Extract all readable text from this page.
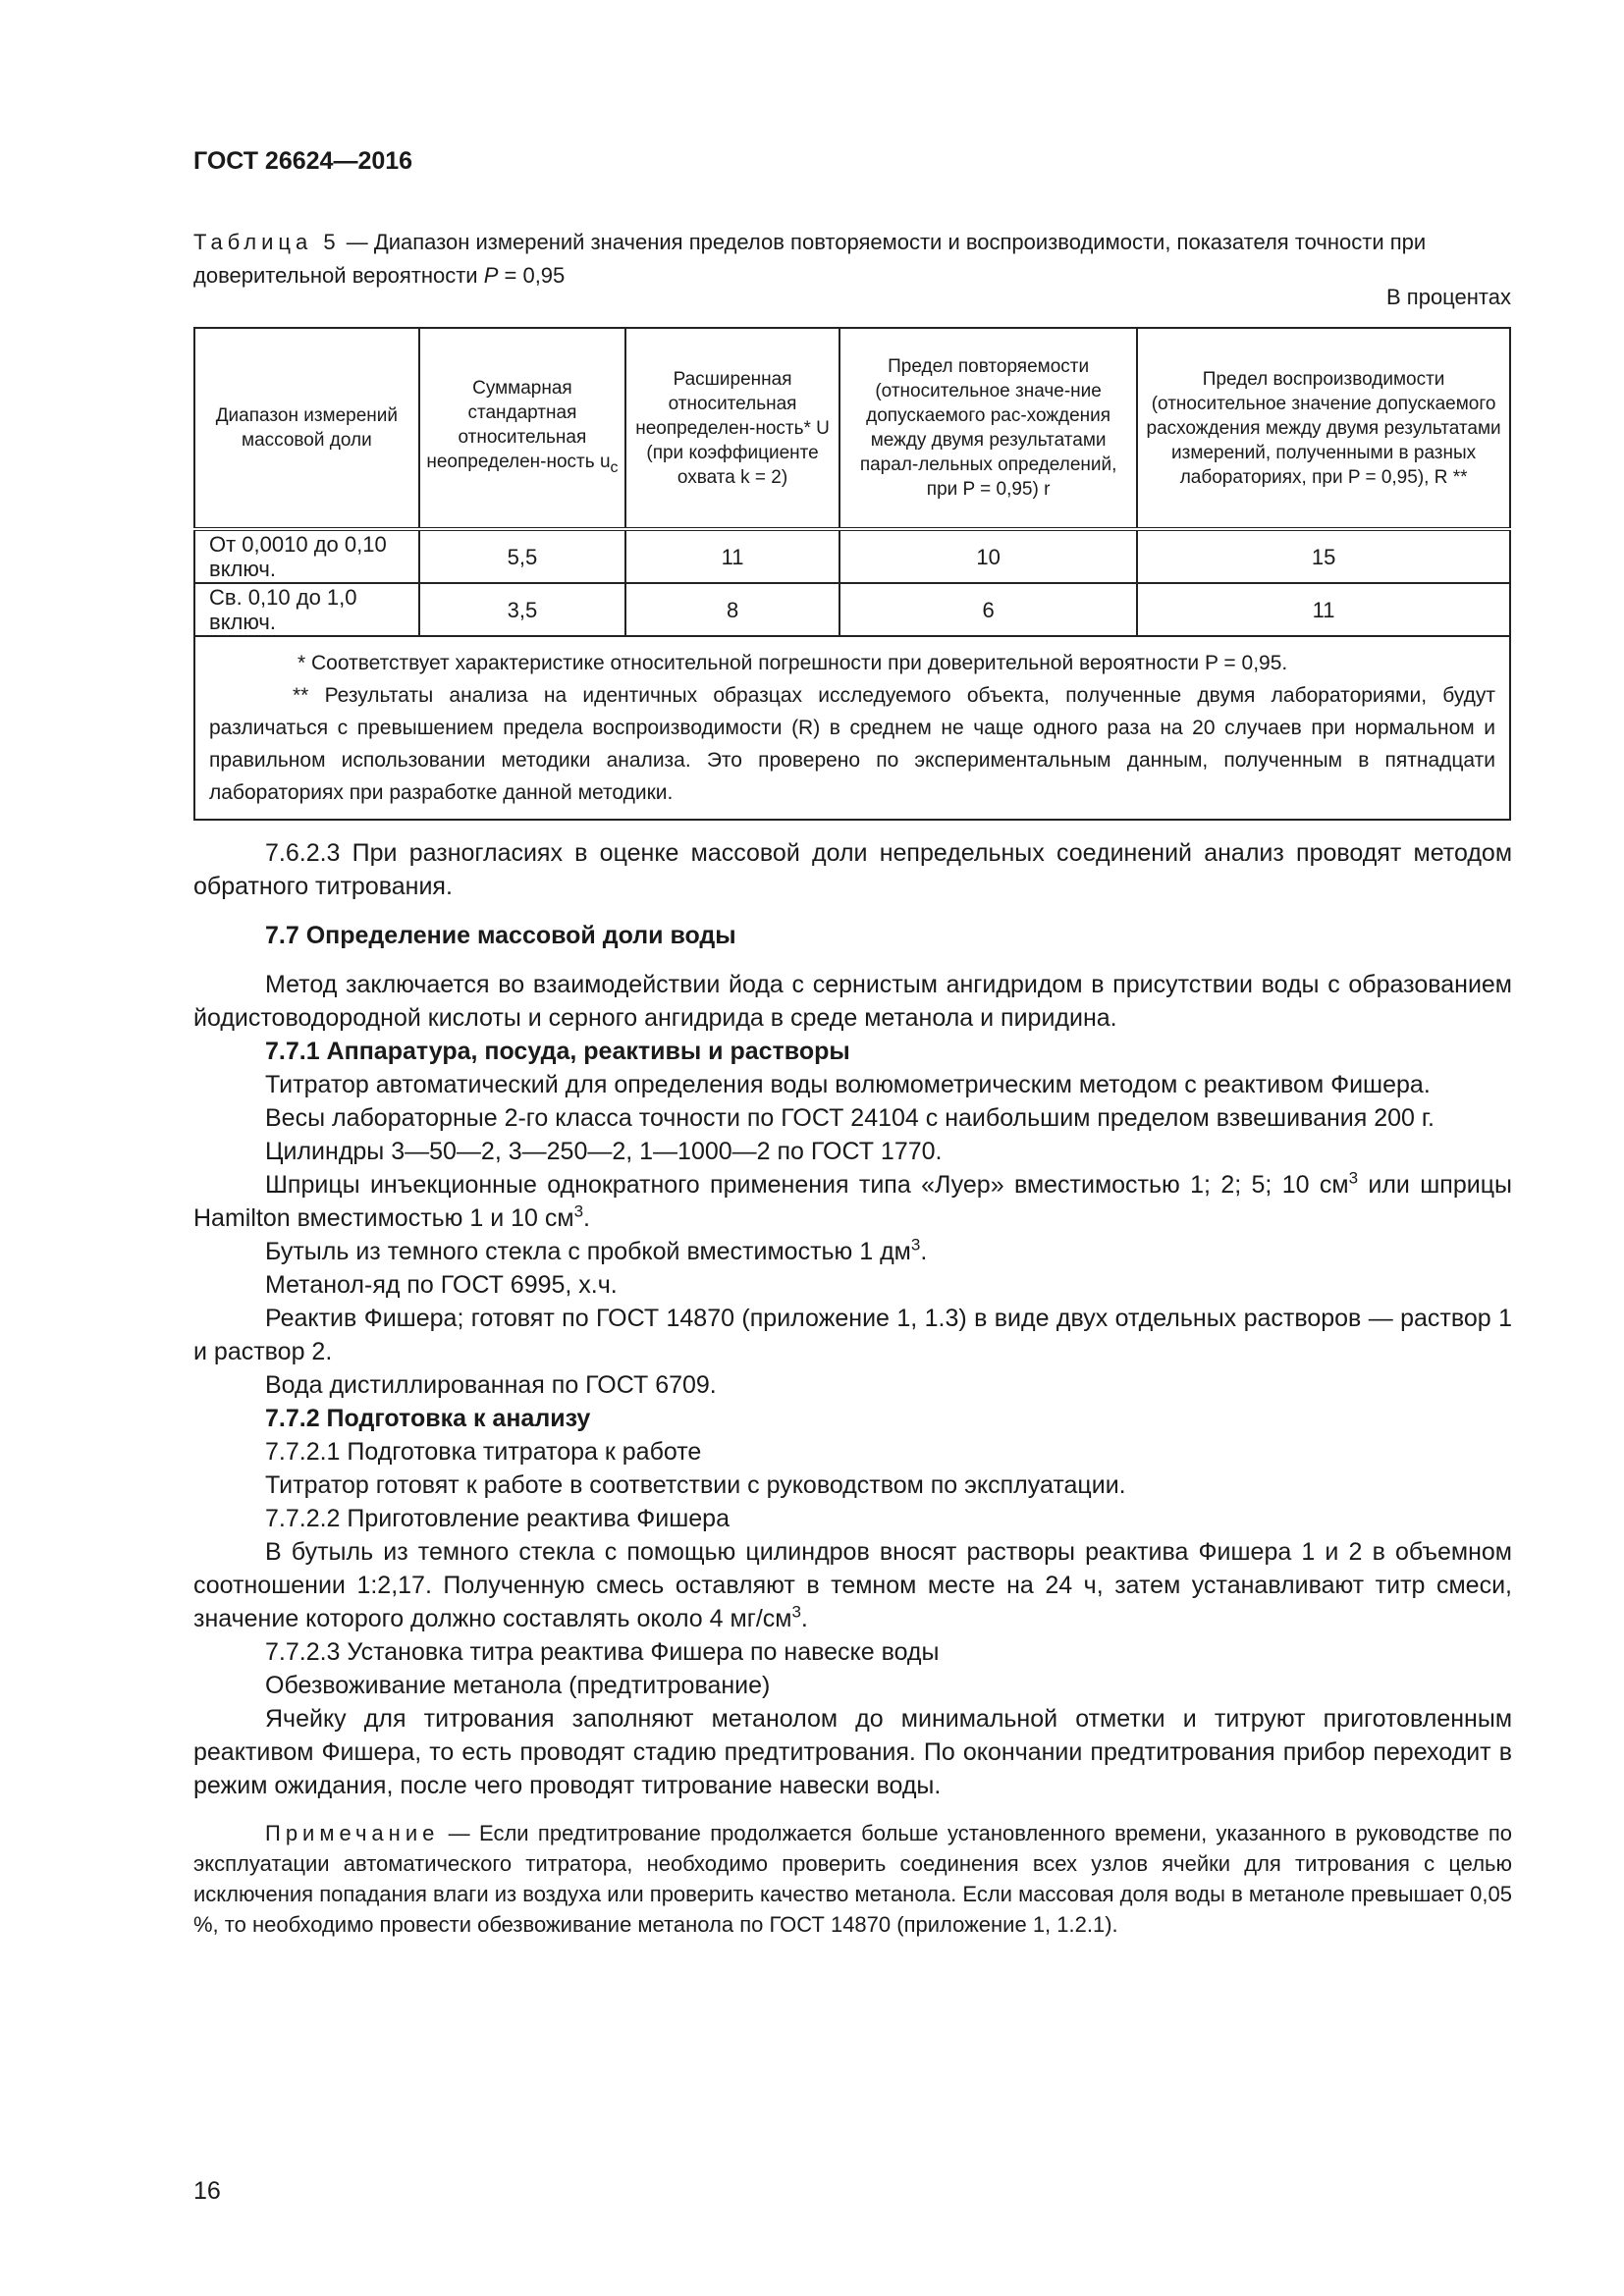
ГОСТ 26624—2016
Таблица 5 — Диапазон измерений значения пределов повторяемости и воспроизводимости, показателя точности при доверительной вероятности P = 0,95
В процентах
Диапазон измерений массовой доли	Суммарная стандартная относительная неопределен-ность $u_c$	Расширенная относительная неопределен-ность* U (при коэффициенте охвата k = 2)	Предел повторяемости (относительное значе-ние допускаемого рас-хождения между двумя результатами парал-лельных определений, при P = 0,95) r	Предел воспроизводимости (относительное значение допускаемого расхождения между двумя результатами измерений, полученными в разных лабораториях, при P = 0,95), R **
От 0,0010 до 0,10 включ.	5,5	11	10	15
Св. 0,10 до 1,0 включ.	3,5	8	6	11

* Соответствует характеристике относительной погрешности при доверительной вероятности P = 0,95.

** Результаты анализа на идентичных образцах исследуемого объекта, полученные двумя лабораториями, будут различаться с превышением предела воспроизводимости (R) в среднем не чаще одного раза на 20 случаев при нормальном и правильном использовании методики анализа. Это проверено по экспериментальным данным, полученным в пятнадцати лабораториях при разработке данной методики.				

7.6.2.3 При разногласиях в оценке массовой доли непредельных соединений анализ проводят методом обратного титрования.

7.7 Определение массовой доли воды

Метод заключается во взаимодействии йода с сернистым ангидридом в присутствии воды с образованием йодистоводородной кислоты и серного ангидрида в среде метанола и пиридина.

7.7.1 Аппаратура, посуда, реактивы и растворы

Титратор автоматический для определения воды волюмометрическим методом с реактивом Фишера.

Весы лабораторные 2-го класса точности по ГОСТ 24104 с наибольшим пределом взвешивания 200 г.

Цилиндры 3—50—2, 3—250—2, 1—1000—2 по ГОСТ 1770.

Шприцы инъекционные однократного применения типа «Луер» вместимостью 1; 2; 5; 10 $см^3$ или шприцы Hamilton вместимостью 1 и 10 $см^3$.

Бутыль из темного стекла с пробкой вместимостью 1 $дм^3$.

Метанол-яд по ГОСТ 6995, х.ч.

Реактив Фишера; готовят по ГОСТ 14870 (приложение 1, 1.3) в виде двух отдельных растворов — раствор 1 и раствор 2.

Вода дистиллированная по ГОСТ 6709.

7.7.2 Подготовка к анализу

7.7.2.1 Подготовка титратора к работе

Титратор готовят к работе в соответствии с руководством по эксплуатации.

7.7.2.2 Приготовление реактива Фишера

В бутыль из темного стекла с помощью цилиндров вносят растворы реактива Фишера 1 и 2 в объемном соотношении 1:2,17. Полученную смесь оставляют в темном месте на 24 ч, затем устанавливают титр смеси, значение которого должно составлять около 4 $мг/см^3$.

7.7.2.3 Установка титра реактива Фишера по навеске воды

Обезвоживание метанола (предтитрование)

Ячейку для титрования заполняют метанолом до минимальной отметки и титруют приготовленным реактивом Фишера, то есть проводят стадию предтитрования. По окончании предтитрования прибор переходит в режим ожидания, после чего проводят титрование навески воды.

Примечание — Если предтитрование продолжается больше установленного времени, указанного в руководстве по эксплуатации автоматического титратора, необходимо проверить соединения всех узлов ячейки для титрования с целью исключения попадания влаги из воздуха или проверить качество метанола. Если массовая доля воды в метаноле превышает 0,05 %, то необходимо провести обезвоживание метанола по ГОСТ 14870 (приложение 1, 1.2.1).

16
